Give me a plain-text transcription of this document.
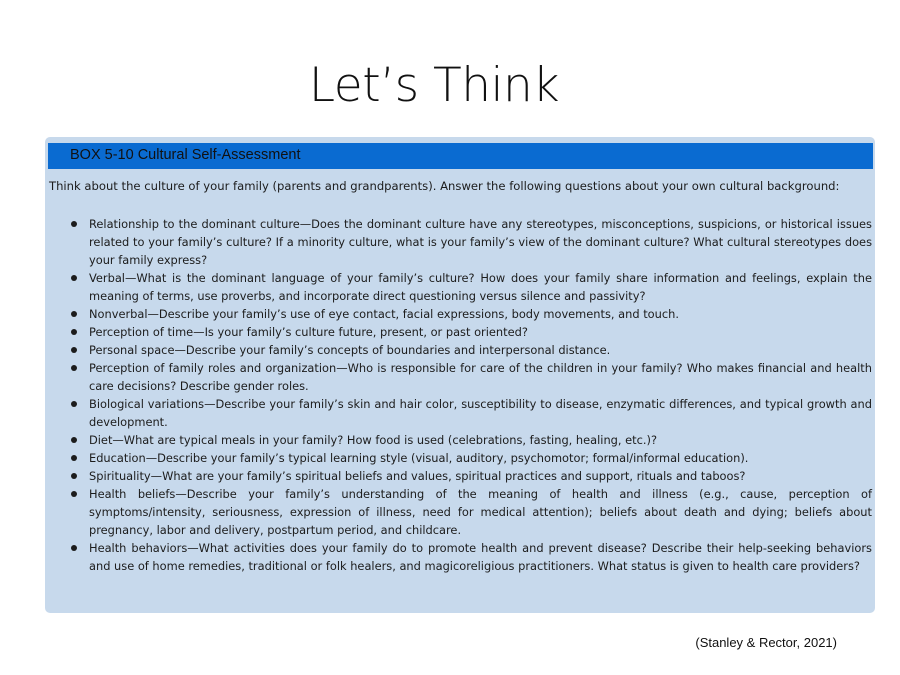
Let’s Think
BOX 5-10 Cultural Self-Assessment
Think about the culture of your family (parents and grandparents). Answer the following questions about your own cultural background:
Relationship to the dominant culture—Does the dominant culture have any stereotypes, misconceptions, suspicions, or historical issues related to your family’s culture? If a minority culture, what is your family’s view of the dominant culture? What cultural stereotypes does your family express?
Verbal—What is the dominant language of your family’s culture? How does your family share information and feelings, explain the meaning of terms, use proverbs, and incorporate direct questioning versus silence and passivity?
Nonverbal—Describe your family’s use of eye contact, facial expressions, body movements, and touch.
Perception of time—Is your family’s culture future, present, or past oriented?
Personal space—Describe your family’s concepts of boundaries and interpersonal distance.
Perception of family roles and organization—Who is responsible for care of the children in your family? Who makes financial and health care decisions? Describe gender roles.
Biological variations—Describe your family’s skin and hair color, susceptibility to disease, enzymatic differences, and typical growth and development.
Diet—What are typical meals in your family? How food is used (celebrations, fasting, healing, etc.)?
Education—Describe your family’s typical learning style (visual, auditory, psychomotor; formal/informal education).
Spirituality—What are your family’s spiritual beliefs and values, spiritual practices and support, rituals and taboos?
Health beliefs—Describe your family’s understanding of the meaning of health and illness (e.g., cause, perception of symptoms/intensity, seriousness, expression of illness, need for medical attention); beliefs about death and dying; beliefs about pregnancy, labor and delivery, postpartum period, and childcare.
Health behaviors—What activities does your family do to promote health and prevent disease? Describe their help-seeking behaviors and use of home remedies, traditional or folk healers, and magicoreligious practitioners. What status is given to health care providers?
(Stanley & Rector, 2021)
